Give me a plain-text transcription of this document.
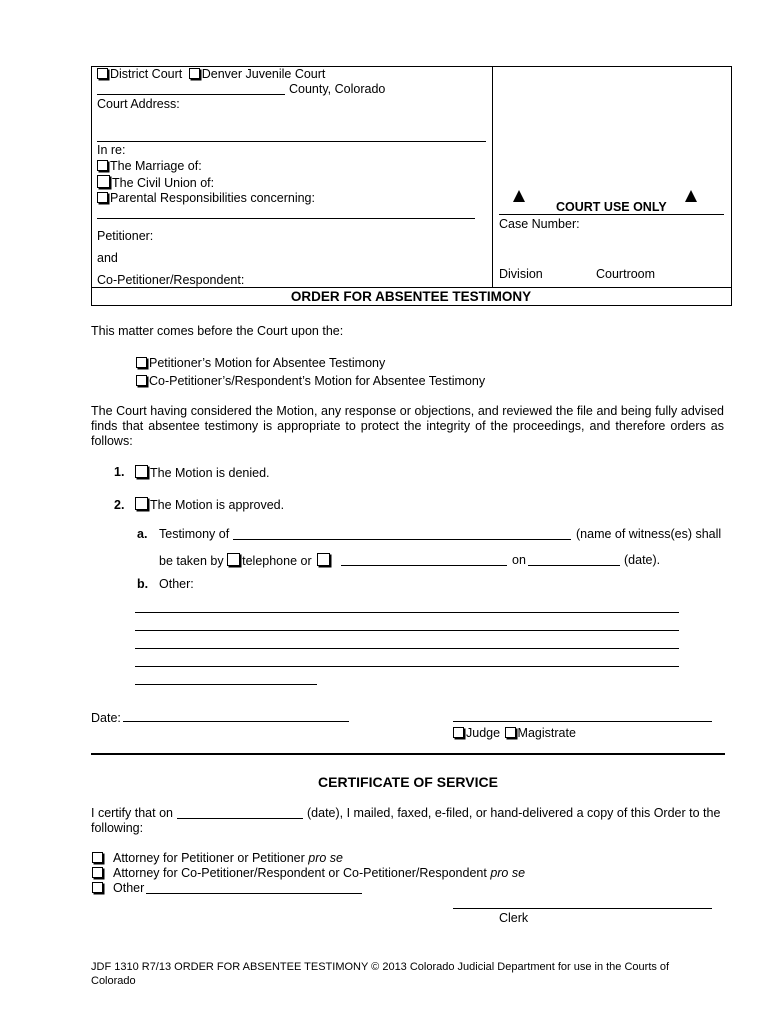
District Court Denver Juvenile Court
County, Colorado
Court Address:
In re:
The Marriage of:
The Civil Union of:
Parental Responsibilities concerning:
Petitioner:
and
Co-Petitioner/Respondent:
COURT USE ONLY
Case Number:
Division	Courtroom
ORDER FOR ABSENTEE TESTIMONY
This matter comes before the Court upon the:
Petitioner’s Motion for Absentee Testimony
Co-Petitioner’s/Respondent’s Motion for Absentee Testimony

The Court having considered the Motion, any response or objections, and reviewed the file and being fully advised finds that absentee testimony is appropriate to protect the integrity of the proceedings, and therefore orders as follows:

1.	The Motion is denied.
2.	The Motion is approved.
a. Testimony of	(name of witness(es) shall
be taken by telephone or	on	(date).
b. Other:
Date:
Judge Magistrate
CERTIFICATE OF SERVICE
I certify that on	(date), I mailed, faxed, e-filed, or hand-delivered a copy of this Order to the
following:
Attorney for Petitioner or Petitioner pro se
Attorney for Co-Petitioner/Respondent or Co-Petitioner/Respondent pro se
Other
Clerk
JDF 1310 R7/13 ORDER FOR ABSENTEE TESTIMONY © 2013 Colorado Judicial Department for use in the Courts of
Colorado
